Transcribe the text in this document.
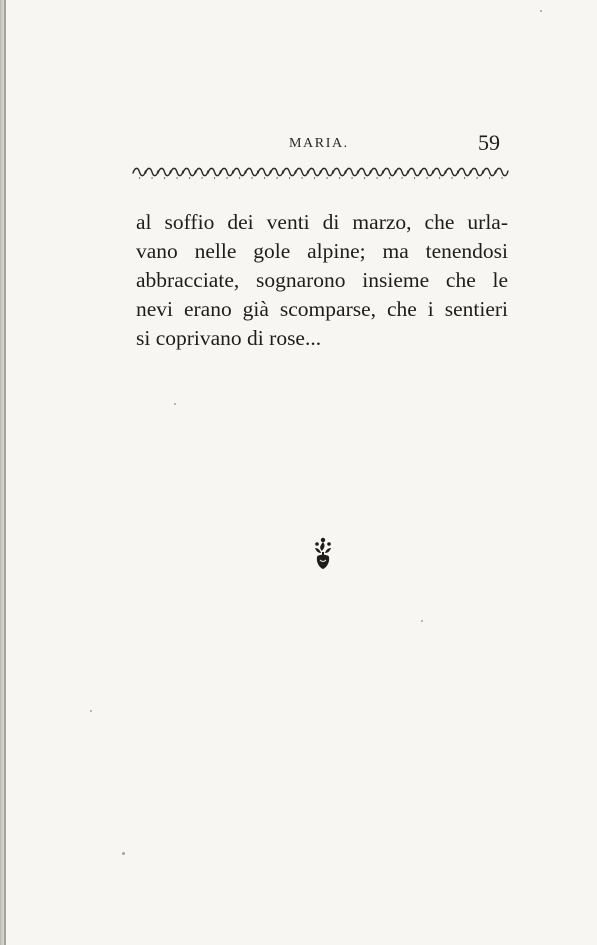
MARIA.	59
al soffio dei venti di marzo, che urla-
vano nelle gole alpine; ma tenendosi
abbracciate, sognarono insieme che le
nevi erano già scomparse, che i sentieri
si coprivano di rose...
